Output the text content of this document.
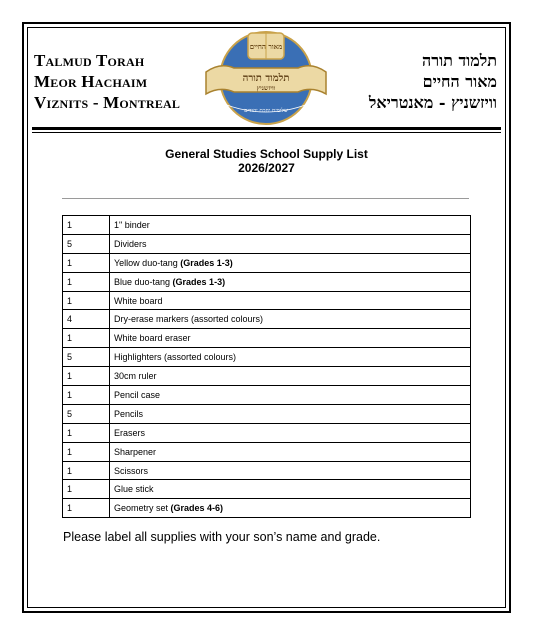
Talmud Torah
Meor Hachaim
Viznits - Montreal
תלמוד תורה
מאור החיים
וויזשניץ - מאנטריאל
מאור החיים
תלמוד תורה
וויזשניץ
שלומים יחכם יהודים
General Studies School Supply List
2026/2027
1	1" binder
5	Dividers
1	Yellow duo-tang (Grades 1-3)
1	Blue duo-tang (Grades 1-3)
1	White board
4	Dry-erase markers (assorted colours)
1	White board eraser
5	Highlighters (assorted colours)
1	30cm ruler
1	Pencil case
5	Pencils
1	Erasers
1	Sharpener
1	Scissors
1	Glue stick
1	Geometry set (Grades 4-6)
Please label all supplies with your son’s name and grade.
